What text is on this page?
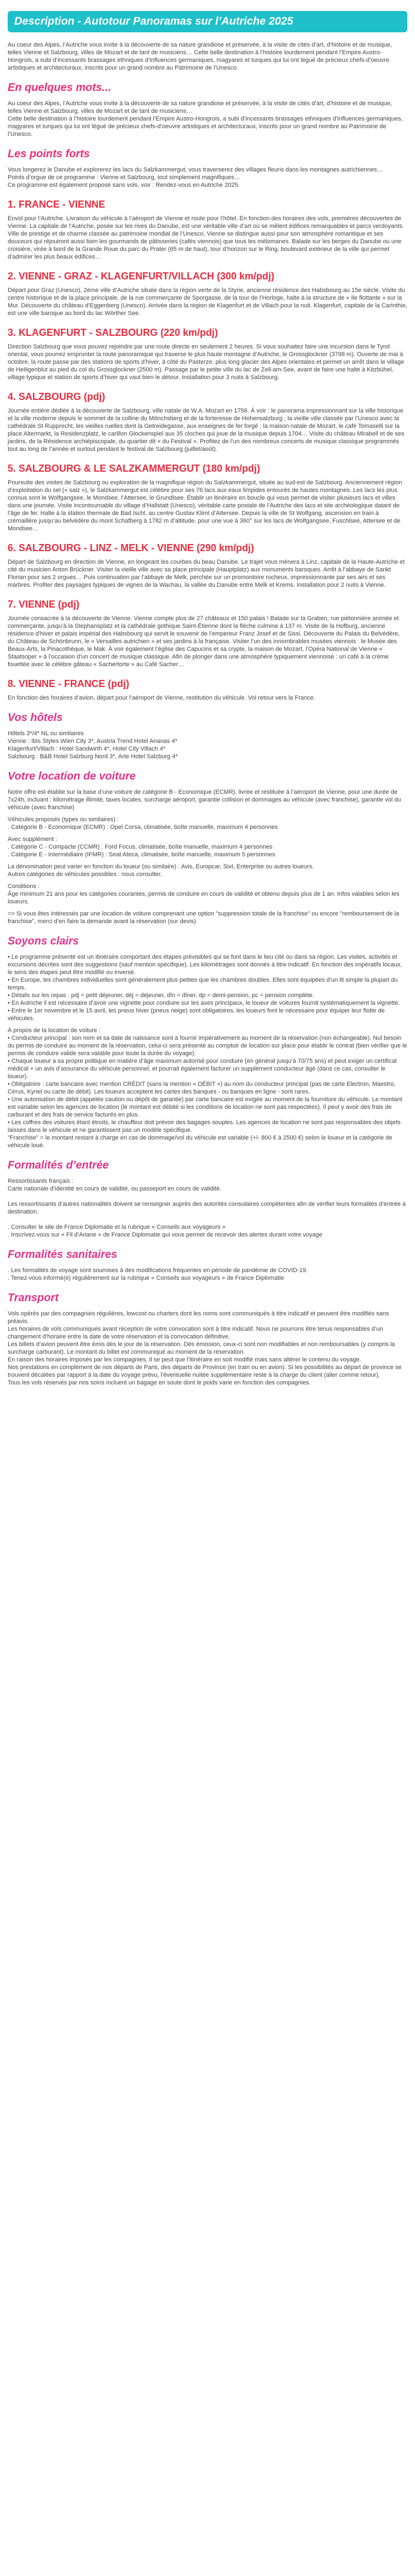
Description - Autotour Panoramas sur l’Autriche 2025

Au coeur des Alpes, l’Autriche vous invite à la découverte de sa nature grandiose et préservée, à la visite de cités d’art, d’histoire et de musique, telles Vienne et Salzbourg, villes de Mozart et de tant de musiciens… Cette belle destination à l’histoire lourdement pendant l’Empire Austro-Hongrois, a subi d’incessants brassages ethniques d’influences germaniques, magyares et turques qui lui ont légué de précieux chefs-d’oeuvre artistiques et architecturaux, inscrits pour un grand nombre au Patrimoine de l’Unesco.

En quelques mots...

Au coeur des Alpes, l’Autriche vous invite à la découverte de sa nature grandiose et préservée, à la visite de cités d’art, d’histoire et de musique, telles Vienne et Salzbourg, villes de Mozart et de tant de musiciens…
Cette belle destination à l’histoire lourdement pendant l’Empire Austro-Hongrois, a subi d’incessants brassages ethniques d’influences germaniques, magyares et turques qui lui ont légué de précieux chefs-d’oeuvre artistiques et architecturaux, inscrits pour un grand nombre au Patrimoine de l’Unesco.

Les points forts

Vous longerez le Danube et explorerez les lacs du Salzkammergut, vous traverserez des villages fleuris dans les montagnes autrichiennes…
Points d’orgue de ce programme : Vienne et Salzbourg, tout simplement magnifiques…
Ce programme est également proposé sans vols, voir : Rendez-vous en Autriche 2025.

1. FRANCE - VIENNE

Envol pour l’Autriche. Livraison du véhicule à l’aéroport de Vienne et route pour l’hôtel. En fonction des horaires des vols, premières découvertes de Vienne. La capitale de l’Autriche, posée sur les rives du Danube, est une véritable ville d’art où se mêlent édifices remarquables et parcs verdoyants. Ville de prestige et de charme classée au patrimoine mondial de l’Unesco, Vienne se distingue aussi pour son atmosphère romantique et ses douceurs qui réjouiront aussi bien les gourmands de pâtisseries (cafés viennois) que tous les mélomanes. Balade sur les berges du Danube ou une croisière, virée à bord de la Grande Roue du parc du Prater (65 m de haut), tour d’horizon sur le Ring, boulevard extérieur de la ville qui permet d’admirer les plus beaux édifices…

2. VIENNE - GRAZ - KLAGENFURT/VILLACH (300 km/pdj)

Départ pour Graz (Unesco), 2ème ville d’Autriche située dans la région verte de la Styrie, ancienne résidence des Habsbourg au 15e siècle. Visite du centre historique et de la place principale, de la rue commerçante de Sporgasse, de la tour de l’Horloge, halte à la structure de « Ile flottante » sur la Mur. Découverte du château d’Eggenberg (Unesco). Arrivée dans la région de Klagenfurt et de Villach pour la nuit. Klagenfurt, capitale de la Carinthie, est une ville baroque au bord du lac Wörther See.

3. KLAGENFURT - SALZBOURG (220 km/pdj)

Direction Salzbourg que vous pouvez rejoindre par une route directe en seulement 2 heures. Si vous souhaitez faire une incursion dans le Tyrol oriental, vous pourrez emprunter la route panoramique qui traverse le plus haute montagne d’Autriche, le Grossglockner (3798 m). Ouverte de mai à octobre, la route passe par des stations de sports d’hiver, à côté du Pasterze, plus long glacier des Alpes orientales et permet un arrêt dans le village de Heiligenblut au pied du col du Grossglockner (2500 m). Passage par le petite ville du lac de Zell-am-See, avant de faire une halte à Kitzbühel, village typique et station de sports d’hiver qui vaut bien le détour. Installation pour 3 nuits à Salzbourg.

4. SALZBOURG (pdj)

Journée entière dédiée à la découverte de Salzbourg, ville natale de W.A. Mozart en 1756. À voir : le panorama impressionnant sur la ville historique et la ville moderne depuis le sommet de la colline du Mönchsberg et de la forteresse de Hohensalzburg ; la vieille ville classée par l’Unesco avec la cathédrale St Rupprecht, les vieilles ruelles dont la Getreidegasse, aux enseignes de fer forgé ; la maison natale de Mozart, le café Tomaselli sur la place Altermarkt, la Residenzplatz, le carillon Glockenspiel aux 35 cloches qui joue de la musique depuis 1704… Visite du château Mirabell et de ses jardins, de la Résidence archiépiscopale, du quartier dit « du Festival ». Profitez de l’un des nombreux concerts de musique classique programmés tout au long de l’année et surtout pendant le festival de Salzbourg (juillet/août).

5. SALZBOURG & LE SALZKAMMERGUT (180 km/pdj)

Poursuite des visites de Salzbourg ou exploration de la magnifique région du Salzkammergut, située au sud-est de Salzbourg. Anciennement région d’exploitation du sel (« salz »), le Salzkammergut est célèbre pour ses 76 lacs aux eaux limpides entourés de hautes montagnes. Les lacs les plus connus sont le Wolfgangsee, le Mondsee, l’Attersee, le Grundlsee. Établir un itinéraire en boucle qui vous permet de visiter plusieurs lacs et villes dans une journée. Visite incontournable du village d’Hallstatt (Unesco), véritable carte postale de l’Autriche des lacs et site archéologique datant de l’âge de fer. Halte à la station thermale de Bad Ischl, au centre Gustav Klimt d’Attersee. Depuis la ville de St Wolfgang, ascension en train à crémaillère jusqu’au belvédère du mont Schafberg à 1782 m d’altitude, pour une vue à 360° sur les lacs de Wolfgangsee, Fuschlsee, Attersee et de Mondsee…

6. SALZBOURG - LINZ - MELK - VIENNE (290 km/pdj)

Départ de Salzbourg en direction de Vienne, en longeant les courbes du beau Danube. Le trajet vous mènera à Linz, capitale de la Haute-Autriche et cité du musicien Anton Brückner. Visiter la vieille ville avec sa place principale (Hauptplatz) aux monuments baroques. Arrêt à l’abbaye de Sankt Florian pour ses 2 orgues… Puis continuation par l’abbaye de Melk, perchée sur un promontoire rocheux, impressionnante par ses airs et ses marbres. Profiter des paysages typiques de vignes de la Wachau, la vallée du Danube entre Melk et Krems. Installation pour 2 nuits à Vienne.

7. VIENNE (pdj)

Journée consacrée à la découverte de Vienne. Vienne compte plus de 27 châteaux et 150 palais ! Balade sur la Graben, rue piétonnière animée et commerçante, jusqu’à la Stephansplatz et la cathédrale gothique Saint-Étienne dont la flèche culmine à 137 m. Visite de la Hofburg, ancienne résidence d’hiver et palais impérial des Habsbourg qui servit le souvenir de l’empereur Franz Josef et de Sissi. Découverte du Palais du Belvédère, du Château de Schönbrunn, le « Versailles autrichien » et ses jardins à la française. Visiter l’un des innombrables musées viennois : le Musée des Beaux-Arts, la Pinacothèque, le Mak. À voir également l’église des Capucins et sa crypte, la maison de Mozart, l’Opéra National de Vienne « Staatsoper » à l’occasion d’un concert de musique classique. Afin de plonger dans une atmosphère typiquement viennoise : un café à la crème fouettée avec le célèbre gâteau « Sachertorte » au Café Sacher…

8. VIENNE - FRANCE (pdj)

En fonction des horaires d’avion, départ pour l’aéroport de Vienne, restitution du véhicule. Vol retour vers la France.

Vos hôtels

Hôtels 3*/4* NL ou similaires
Vienne : Ibis Styles Wien City 3*, Austria Trend Hotel Ananas 4*
Klagenfurt/Villach : Hotel Sandwirth 4*, Hotel City Villach 4*
Salzbourg : B&B Hotel Salzburg Nord 3*, Arte Hotel Salzburg 4*

Votre location de voiture

Notre offre est établie sur la base d’une voiture de catégorie B - Economique (ECMR), livrée et restituée à l’aéroport de Vienne, pour une durée de 7x24h, incluant : kilométrage illimité, taxes locales, surcharge aéroport, garantie collision et dommages au véhicule (avec franchise), garantie vol du véhicule (avec franchise)

Véhicules proposés (types ou similaires) :
. Catégorie B - Economique (ECMR) : Opel Corsa, climatisée, boîte manuelle, maximum 4 personnes

Avec supplément :
. Catégorie C - Compacte (CCMR) : Ford Focus, climatisée, boîte manuelle, maximum 4 personnes
. Catégorie E - Intermédiaire (IFMR) : Seat Ateca, climatisée, boîte manuelle, maximum 5 personnes

La dénomination peut varier en fonction du loueur (ou similaire) : Avis, Europcar, Sixt, Enterprise ou autres loueurs.
Autres catégories de véhicules possibles : nous consulter.

Conditions :
Âge minimum 21 ans pour les catégories courantes, permis de conduire en cours de validité et obtenu depuis plus de 1 an. Infos valables selon les loueurs.

=> Si vous êtes intéressés par une location de voiture comprenant une option "suppression totale de la franchise" ou encore "remboursement de la franchise", merci d’en faire la demande avant la réservation (sur devis).

Soyons clairs

• Le programme présenté est un itinéraire comportant des étapes prévisibles qui se font dans le lieu cité ou dans sa région. Les visites, activités et excursions décrites sont des suggestions (sauf mention spécifique). Les kilométrages sont donnés à titre indicatif. En fonction des impératifs locaux, le sens des étapes peut être modifié ou inversé.
• En Europe, les chambres individuelles sont généralement plus petites que les chambres doubles. Elles sont équipées d’un lit simple la plupart du temps.
• Détails sur les repas : pdj = petit déjeuner, déj = déjeuner, dîn = dîner, dp = demi-pension, pc = pension complète.
• En Autriche il est nécessaire d’avoir une vignette pour conduire sur les axes principaux, le loueur de voitures fournit systématiquement la vignette.
• Entre le 1er novembre et le 15 avril, les pneus hiver (pneus neige) sont obligatoires, les loueurs font le nécessaire pour équiper leur flotte de véhicules.

À propos de la location de voiture :
• Conducteur principal : son nom et sa date de naissance sont à fournir impérativement au moment de la réservation (non échangeable). Nul besoin du permis de conduire au moment de la réservation, celui-ci sera présenté au comptoir de location sur place pour établir le contrat (bien vérifier que le permis de conduire valide sera valable pour toute la durée du voyage).
• Chaque loueur a sa propre politique en matière d’âge maximum autorisé pour conduire (en général jusqu’à 70/75 ans) et peut exiger un certificat médical + un avis d’assurance du véhicule personnel, et pourrait également facturer un supplément conducteur âgé (dans ce cas, consulter le loueur).
• Obligatoire : carte bancaire avec mention CRÉDIT (sans la mention « DÉBIT ») au nom du conducteur principal (pas de carte Electron, Maestro, Cirrus, Kyriel ou carte de débit). Les loueurs acceptent les cartes des banques - ou banques en ligne - sont rares.
• Une autorisation de débit (appelée caution ou dépôt de garantie) par carte bancaire est exigée au moment de la fourniture du véhicule. Le montant est variable selon les agences de location (le montant est débité si les conditions de location ne sont pas respectées). Il peut y avoir des frais de carburant et des frais de service facturés en plus.
• Les coffres des voitures étant étroits, le chauffeur doit prévoir des bagages souples. Les agences de location ne sont pas responsables des objets laissés dans le véhicule et ne garantissent pas un modèle spécifique.
"Franchise" = le montant restant à charge en cas de dommage/vol du véhicule est variable (+/- 800 € à 2500 €) selon le loueur et la catégorie de véhicule loué.

Formalités d’entrée

Ressortissants français :
Carte nationale d’identité en cours de validité, ou passeport en cours de validité.

Les ressortissants d’autres nationalités doivent se renseigner auprès des autorités consulaires compétentes afin de vérifier leurs formalités d’entrée à destination.

. Consulter le site de France Diplomatie et la rubrique « Conseils aux voyageurs »
. Inscrivez-vous sur « Fil d’Ariane » de France Diplomatie qui vous permet de recevoir des alertes durant votre voyage

Formalités sanitaires

. Les formalités de voyage sont soumises à des modifications fréquentes en période de pandémie de COVID-19.
. Tenez-vous informé(e) régulièrement sur la rubrique « Conseils aux voyageurs » de France Diplomatie

Transport

Vols opérés par des compagnies régulières, lowcost ou charters dont les noms sont communiqués à titre indicatif et peuvent être modifiés sans préavis.
Les horaires de vols communiqués avant réception de votre convocation sont à titre indicatif. Nous ne pourrons être tenus responsables d’un changement d’horaire entre la date de votre réservation et la convocation définitive.
Les billets d’avion peuvent être émis dès le jour de la réservation. Dès émission, ceux-ci sont non modifiables et non remboursables (y compris la surcharge carburant). Le montant du billet est communiqué au moment de la réservation.
En raison des horaires imposés par les compagnies, il se peut que l’itinéraire en soit modifié mais sans altérer le contenu du voyage.
Nos prestations en complément de nos départs de Paris, des départs de Province (en train ou en avion). Si les possibilités au départ de province se trouvent décalées par rapport à la date du voyage prévu, l’éventuelle nuitée supplémentaire reste à la charge du client (aller comme retour).
Tous les vols réservés par nos soins incluent un bagage en soute dont le poids varie en fonction des compagnies.
